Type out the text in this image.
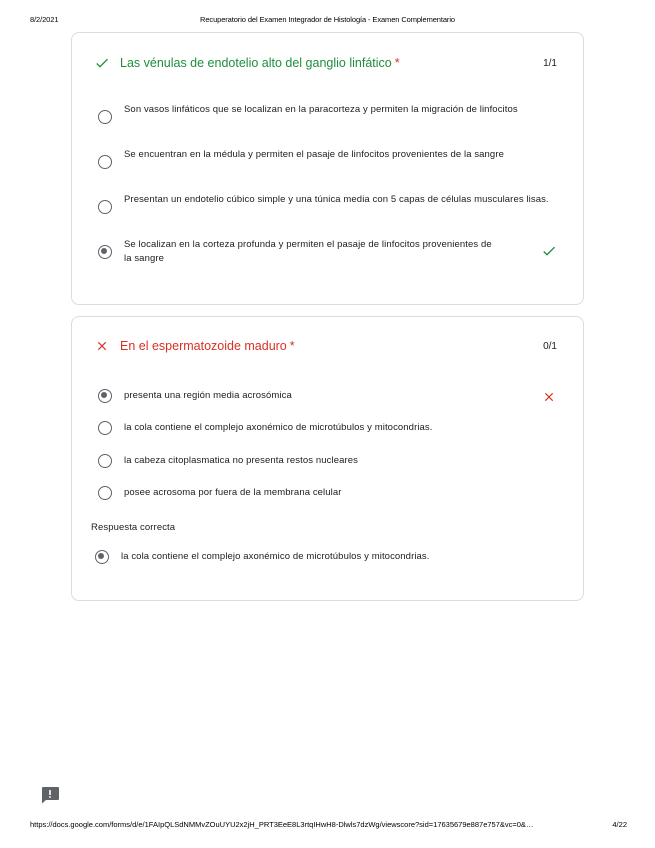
8/2/2021	Recuperatorio del Examen Integrador de Histología - Examen Complementario
Las vénulas de endotelio alto del ganglio linfático *	1/1
Son vasos linfáticos que se localizan en la paracorteza y permiten la migración de linfocitos
Se encuentran en la médula y permiten el pasaje de linfocitos provenientes de la sangre
Presentan un endotelio cúbico simple y una túnica media con 5 capas de células musculares lisas.
Se localizan en la corteza profunda y permiten el pasaje de linfocitos provenientes de la sangre
En el espermatozoide maduro *	0/1
presenta una región media acrosómica
la cola contiene el complejo axonémico de microtúbulos y mitocondrias.
la cabeza citoplasmatica no presenta restos nucleares
posee acrosoma por fuera de la membrana celular
Respuesta correcta
la cola contiene el complejo axonémico de microtúbulos y mitocondrias.
https://docs.google.com/forms/d/e/1FAIpQLSdNMMvZOuUYU2x2jH_PRT3EeE8L3rtqIHwH8-Dlwls7dzWg/viewscore?sid=17635679e887e757&vc=0&…	4/22
